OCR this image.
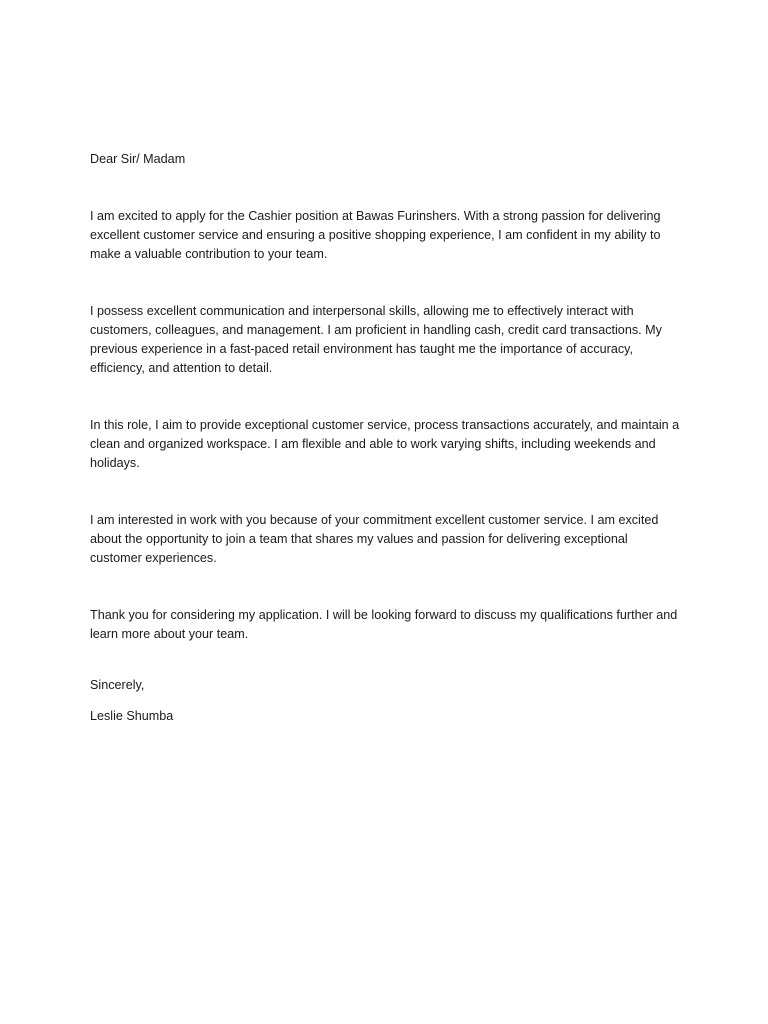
Dear Sir/ Madam

I am excited to apply for the Cashier position at Bawas Furinshers. With a strong passion for delivering excellent customer service and ensuring a positive shopping experience, I am confident in my ability to make a valuable contribution to your team.

I possess excellent communication and interpersonal skills, allowing me to effectively interact with customers, colleagues, and management. I am proficient in handling cash, credit card transactions. My previous experience in a fast-paced retail environment has taught me the importance of accuracy, efficiency, and attention to detail.

In this role, I aim to provide exceptional customer service, process transactions accurately, and maintain a clean and organized workspace. I am flexible and able to work varying shifts, including weekends and holidays.

I am interested in work with you because of your commitment excellent customer service. I am excited about the opportunity to join a team that shares my values and passion for delivering exceptional customer experiences.

Thank you for considering my application. I will be looking forward to discuss my qualifications further and learn more about your team.

Sincerely,

Leslie Shumba
